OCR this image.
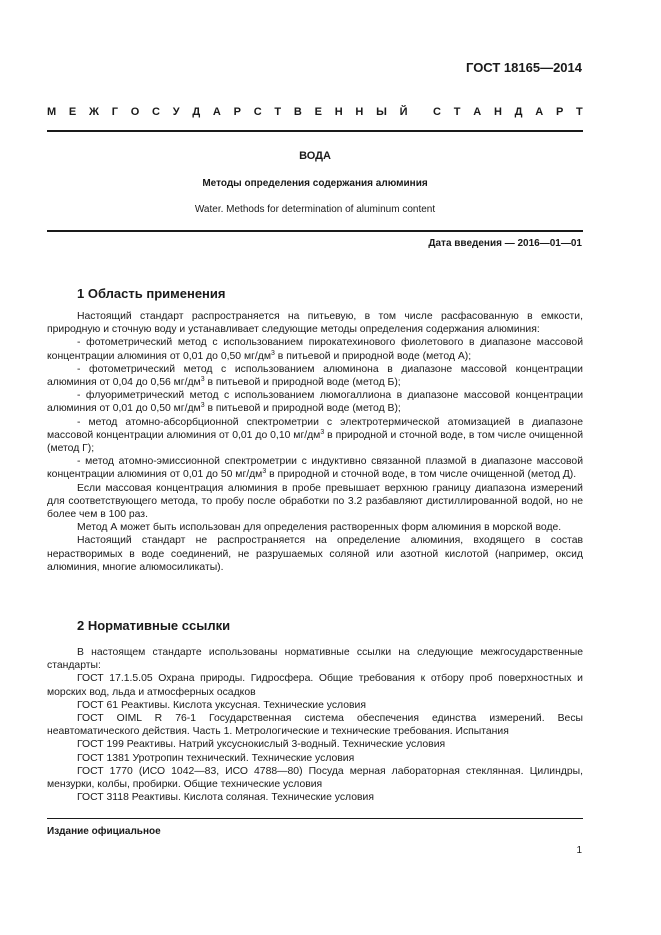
ГОСТ 18165—2014
М Е Ж Г О С У Д А Р С Т В Е Н Н Ы Й С Т А Н Д А Р Т
ВОДА
Методы определения содержания алюминия
Water. Methods for determination of aluminum content
Дата введения — 2016—01—01
1 Область применения

Настоящий стандарт распространяется на питьевую, в том числе расфасованную в емкости, природную и сточную воду и устанавливает следующие методы определения содержания алюминия:

- фотометрический метод с использованием пирокатехинового фиолетового в диапазоне массовой концентрации алюминия от 0,01 до 0,50 $мг/дм^3$ в питьевой и природной воде (метод А);

- фотометрический метод с использованием алюминона в диапазоне массовой концентрации алюминия от 0,04 до 0,56 $мг/дм^3$ в питьевой и природной воде (метод Б);

- флуориметрический метод с использованием люмогаллиона в диапазоне массовой концентрации алюминия от 0,01 до 0,50 $мг/дм^3$ в питьевой и природной воде (метод В);

- метод атомно-абсорбционной спектрометрии с электротермической атомизацией в диапазоне массовой концентрации алюминия от 0,01 до 0,10 $мг/дм^3$ в природной и сточной воде, в том числе очищенной (метод Г);

- метод атомно-эмиссионной спектрометрии с индуктивно связанной плазмой в диапазоне массовой концентрации алюминия от 0,01 до 50 $мг/дм^3$ в природной и сточной воде, в том числе очищенной (метод Д).

Если массовая концентрация алюминия в пробе превышает верхнюю границу диапазона измерений для соответствующего метода, то пробу после обработки по 3.2 разбавляют дистиллированной водой, но не более чем в 100 раз.

Метод А может быть использован для определения растворенных форм алюминия в морской воде.

Настоящий стандарт не распространяется на определение алюминия, входящего в состав нерастворимых в воде соединений, не разрушаемых соляной или азотной кислотой (например, оксид алюминия, многие алюмосиликаты).

2 Нормативные ссылки

В настоящем стандарте использованы нормативные ссылки на следующие межгосударственные стандарты:

ГОСТ 17.1.5.05 Охрана природы. Гидросфера. Общие требования к отбору проб поверхностных и морских вод, льда и атмосферных осадков

ГОСТ 61 Реактивы. Кислота уксусная. Технические условия

ГОСТ OIML R 76-1 Государственная система обеспечения единства измерений. Весы неавтоматического действия. Часть 1. Метрологические и технические требования. Испытания

ГОСТ 199 Реактивы. Натрий уксуснокислый 3-водный. Технические условия

ГОСТ 1381 Уротропин технический. Технические условия

ГОСТ 1770 (ИСО 1042—83, ИСО 4788—80) Посуда мерная лабораторная стеклянная. Цилиндры, мензурки, колбы, пробирки. Общие технические условия

ГОСТ 3118 Реактивы. Кислота соляная. Технические условия

Издание официальное
1
